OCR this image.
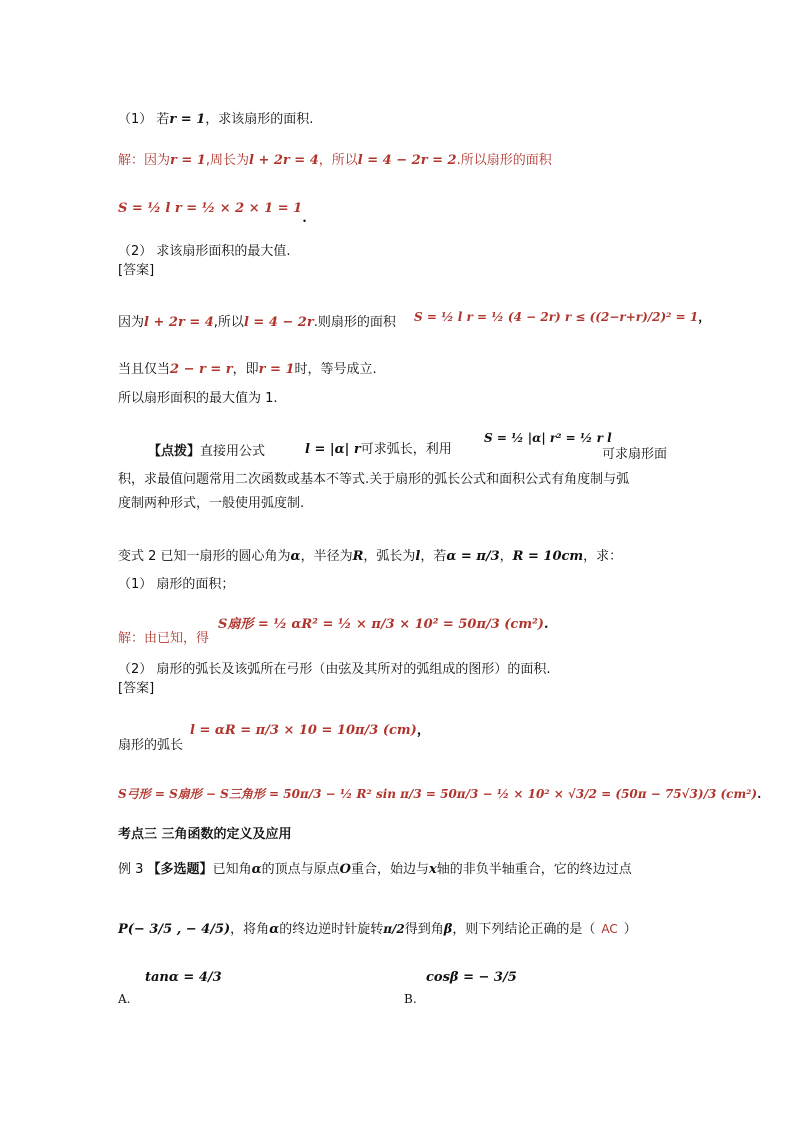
（1） 若r = 1，求该扇形的面积.
解：因为r = 1,周长为l + 2r = 4，所以l = 4 − 2r = 2.所以扇形的面积
S = ½ l r = ½ × 2 × 1 = 1.
（2） 求该扇形面积的最大值.
[答案]
因为l + 2r = 4,所以l = 4 − 2r.则扇形的面积 S = ½ l r = ½ (4 − 2r) r ≤ ((2−r+r)/2)² = 1，
当且仅当2 − r = r，即r = 1时，等号成立.
所以扇形面积的最大值为 1.
【点拨】直接用公式	l = |α| r可求弧长，利用
S = ½ |α| r² = ½ r l
可求扇形面
积，求最值问题常用二次函数或基本不等式.关于扇形的弧长公式和面积公式有角度制与弧
度制两种形式，一般使用弧度制.
变式 2 已知一扇形的圆心角为α，半径为R，弧长为l，若α = π/3，R = 10cm，求：
（1） 扇形的面积；
解：由已知，得
S扇形 = ½ αR² = ½ × π/3 × 10² = 50π/3 (cm²).
（2） 扇形的弧长及该弧所在弓形（由弦及其所对的弧组成的图形）的面积.
[答案]
扇形的弧长
l = αR = π/3 × 10 = 10π/3 (cm)，
S弓形 = S扇形 − S三角形 = 50π/3 − ½ R² sin π/3 = 50π/3 − ½ × 10² × √3/2 = (50π − 75√3)/3 (cm²).
考点三 三角函数的定义及应用
例 3 【多选题】已知角α的顶点与原点O重合，始边与x轴的非负半轴重合，它的终边过点
P(− 3/5 , − 4/5)，将角α的终边逆时针旋转π/2得到角β，则下列结论正确的是（ AC ）
tanα = 4/3
A.
cosβ = − 3/5
B.
